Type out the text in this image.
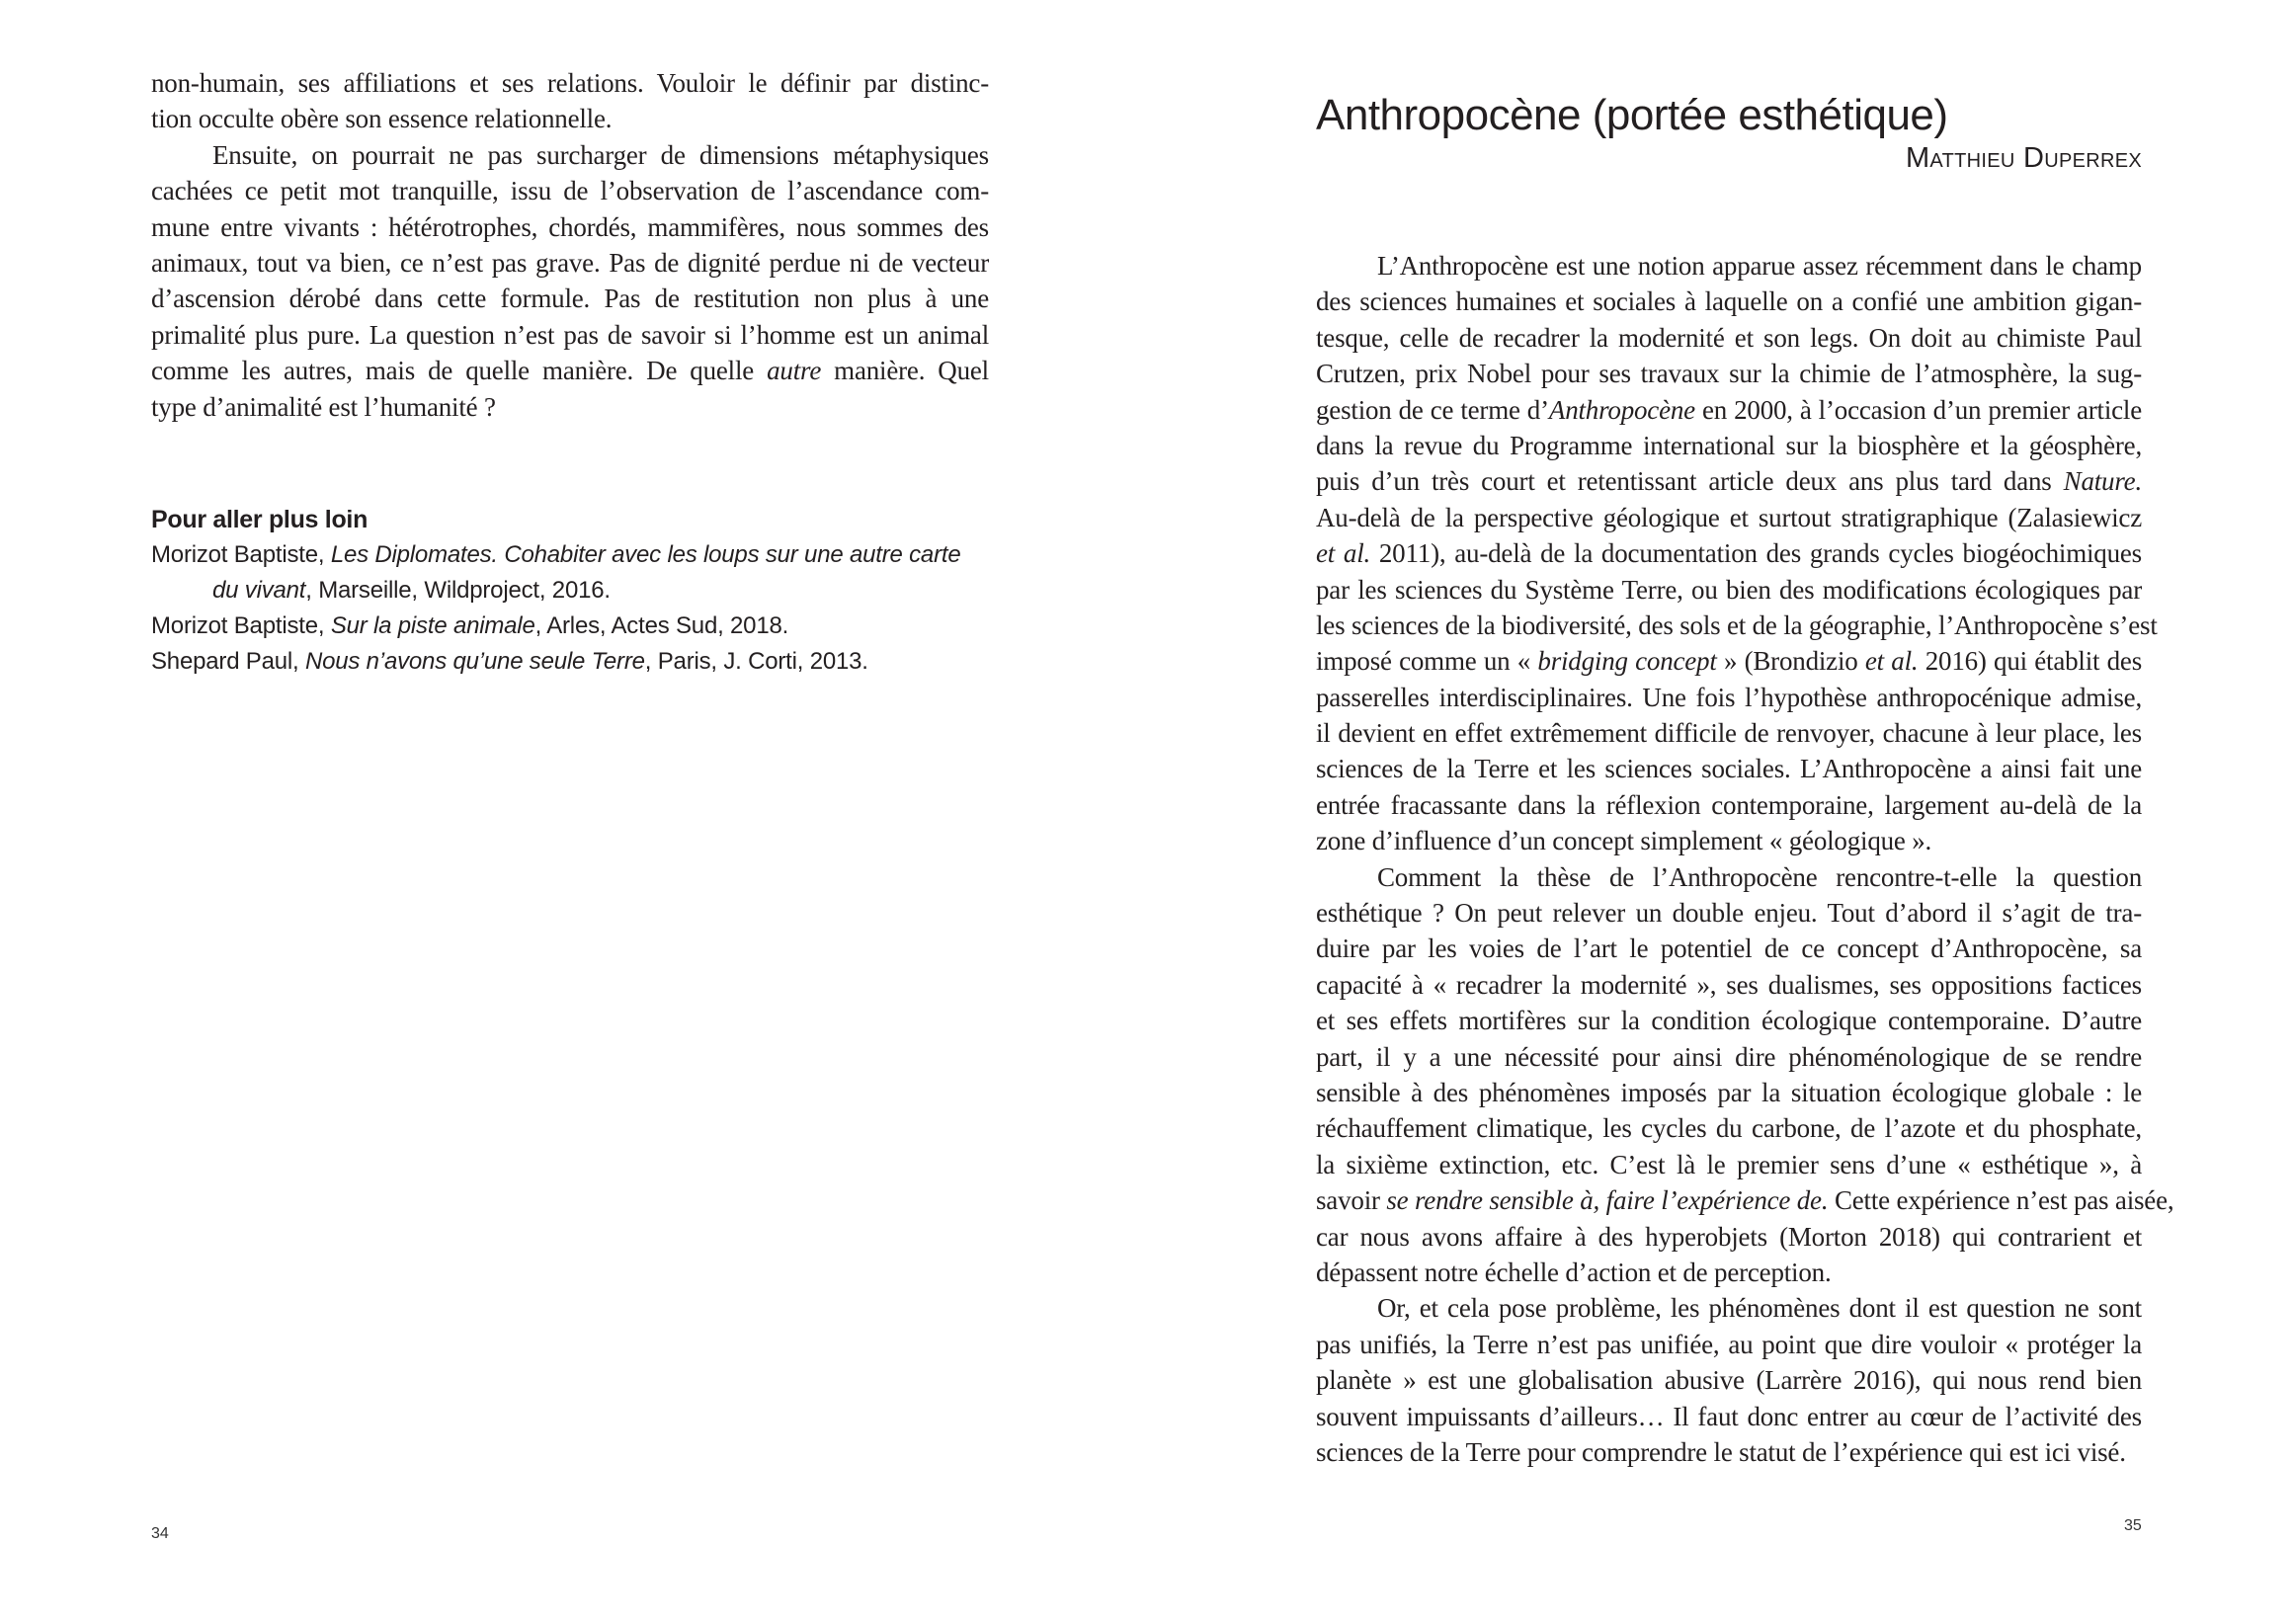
non-humain, ses affiliations et ses relations. Vouloir le définir par distinc-
tion occulte obère son essence relationnelle.
Ensuite, on pourrait ne pas surcharger de dimensions métaphysiques
cachées ce petit mot tranquille, issu de l’observation de l’ascendance com-
mune entre vivants : hétérotrophes, chordés, mammifères, nous sommes des
animaux, tout va bien, ce n’est pas grave. Pas de dignité perdue ni de vecteur
d’ascension dérobé dans cette formule. Pas de restitution non plus à une
primalité plus pure. La question n’est pas de savoir si l’homme est un animal
comme les autres, mais de quelle manière. De quelle autre manière. Quel
type d’animalité est l’humanité ?
Pour aller plus loin
Morizot Baptiste, Les Diplomates. Cohabiter avec les loups sur une autre carte du vivant, Marseille, Wildproject, 2016.
Morizot Baptiste, Sur la piste animale, Arles, Actes Sud, 2018.
Shepard Paul, Nous n’avons qu’une seule Terre, Paris, J. Corti, 2013.
34
Anthropocène (portée esthétique)
Matthieu Duperrex
L’Anthropocène est une notion apparue assez récemment dans le champ
des sciences humaines et sociales à laquelle on a confié une ambition gigan-
tesque, celle de recadrer la modernité et son legs. On doit au chimiste Paul
Crutzen, prix Nobel pour ses travaux sur la chimie de l’atmosphère, la sug-
gestion de ce terme d’Anthropocène en 2000, à l’occasion d’un premier article
dans la revue du Programme international sur la biosphère et la géosphère,
puis d’un très court et retentissant article deux ans plus tard dans Nature.
Au-delà de la perspective géologique et surtout stratigraphique (Zalasiewicz
et al. 2011), au-delà de la documentation des grands cycles biogéochimiques
par les sciences du Système Terre, ou bien des modifications écologiques par
les sciences de la biodiversité, des sols et de la géographie, l’Anthropocène s’est
imposé comme un « bridging concept » (Brondizio et al. 2016) qui établit des
passerelles interdisciplinaires. Une fois l’hypothèse anthropocénique admise,
il devient en effet extrêmement difficile de renvoyer, chacune à leur place, les
sciences de la Terre et les sciences sociales. L’Anthropocène a ainsi fait une
entrée fracassante dans la réflexion contemporaine, largement au-delà de la
zone d’influence d’un concept simplement « géologique ».
Comment la thèse de l’Anthropocène rencontre-t-elle la question
esthétique ? On peut relever un double enjeu. Tout d’abord il s’agit de tra-
duire par les voies de l’art le potentiel de ce concept d’Anthropocène, sa
capacité à « recadrer la modernité », ses dualismes, ses oppositions factices
et ses effets mortifères sur la condition écologique contemporaine. D’autre
part, il y a une nécessité pour ainsi dire phénoménologique de se rendre
sensible à des phénomènes imposés par la situation écologique globale : le
réchauffement climatique, les cycles du carbone, de l’azote et du phosphate,
la sixième extinction, etc. C’est là le premier sens d’une « esthétique », à
savoir se rendre sensible à, faire l’expérience de. Cette expérience n’est pas aisée,
car nous avons affaire à des hyperobjets (Morton 2018) qui contrarient et
dépassent notre échelle d’action et de perception.
Or, et cela pose problème, les phénomènes dont il est question ne sont
pas unifiés, la Terre n’est pas unifiée, au point que dire vouloir « protéger la
planète » est une globalisation abusive (Larrère 2016), qui nous rend bien
souvent impuissants d’ailleurs… Il faut donc entrer au cœur de l’activité des
sciences de la Terre pour comprendre le statut de l’expérience qui est ici visé.
35
